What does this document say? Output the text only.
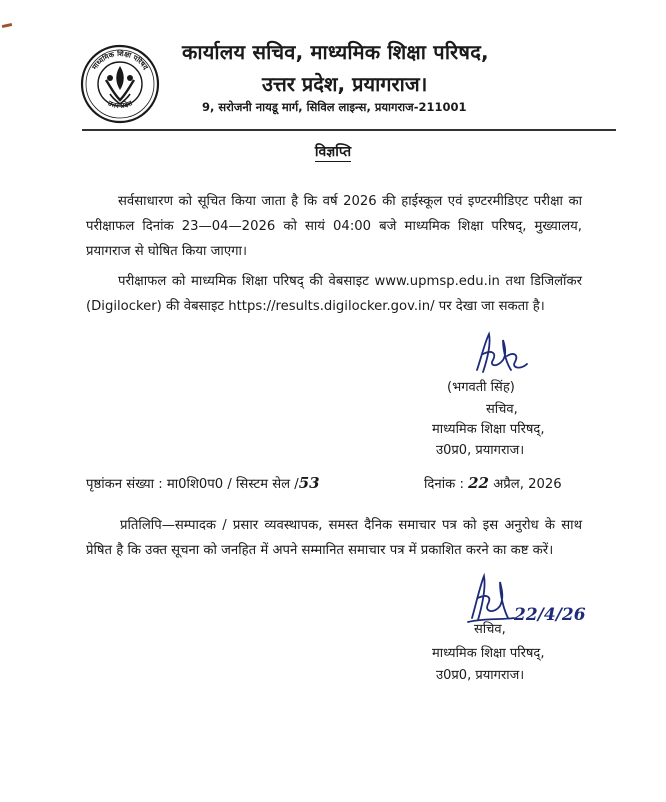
माध्यमिक शिक्षा परिषद
उत्तर प्रदेश
कार्यालय सचिव, माध्यमिक शिक्षा परिषद,
उत्तर प्रदेश, प्रयागराज।
9, सरोजनी नायडू मार्ग, सिविल लाइन्स, प्रयागराज-211001
विज्ञप्ति

सर्वसाधारण को सूचित किया जाता है कि वर्ष 2026 की हाईस्कूल एवं इण्टरमीडिएट परीक्षा का परीक्षाफल दिनांक 23—04—2026 को सायं 04:00 बजे माध्यमिक शिक्षा परिषद्, मुख्यालय, प्रयागराज से घोषित किया जाएगा।

परीक्षाफल को माध्यमिक शिक्षा परिषद् की वेबसाइट www.upmsp.edu.in तथा डिजिलॉकर (Digilocker) की वेबसाइट https://results.digilocker.gov.in/ पर देखा जा सकता है।

(भगवती सिंह)
सचिव,
माध्यमिक शिक्षा परिषद्,
उ0प्र0, प्रयागराज।
पृष्ठांकन संख्या : मा0शि0प0 / सिस्टम सेल /53	दिनांक : 22 अप्रैल, 2026

प्रतिलिपि—सम्पादक / प्रसार व्यवस्थापक, समस्त दैनिक समाचार पत्र को इस अनुरोध के साथ प्रेषित है कि उक्त सूचना को जनहित में अपने सम्मानित समाचार पत्र में प्रकाशित करने का कष्ट करें।

22/4/26
सचिव,
माध्यमिक शिक्षा परिषद्,
उ0प्र0, प्रयागराज।
